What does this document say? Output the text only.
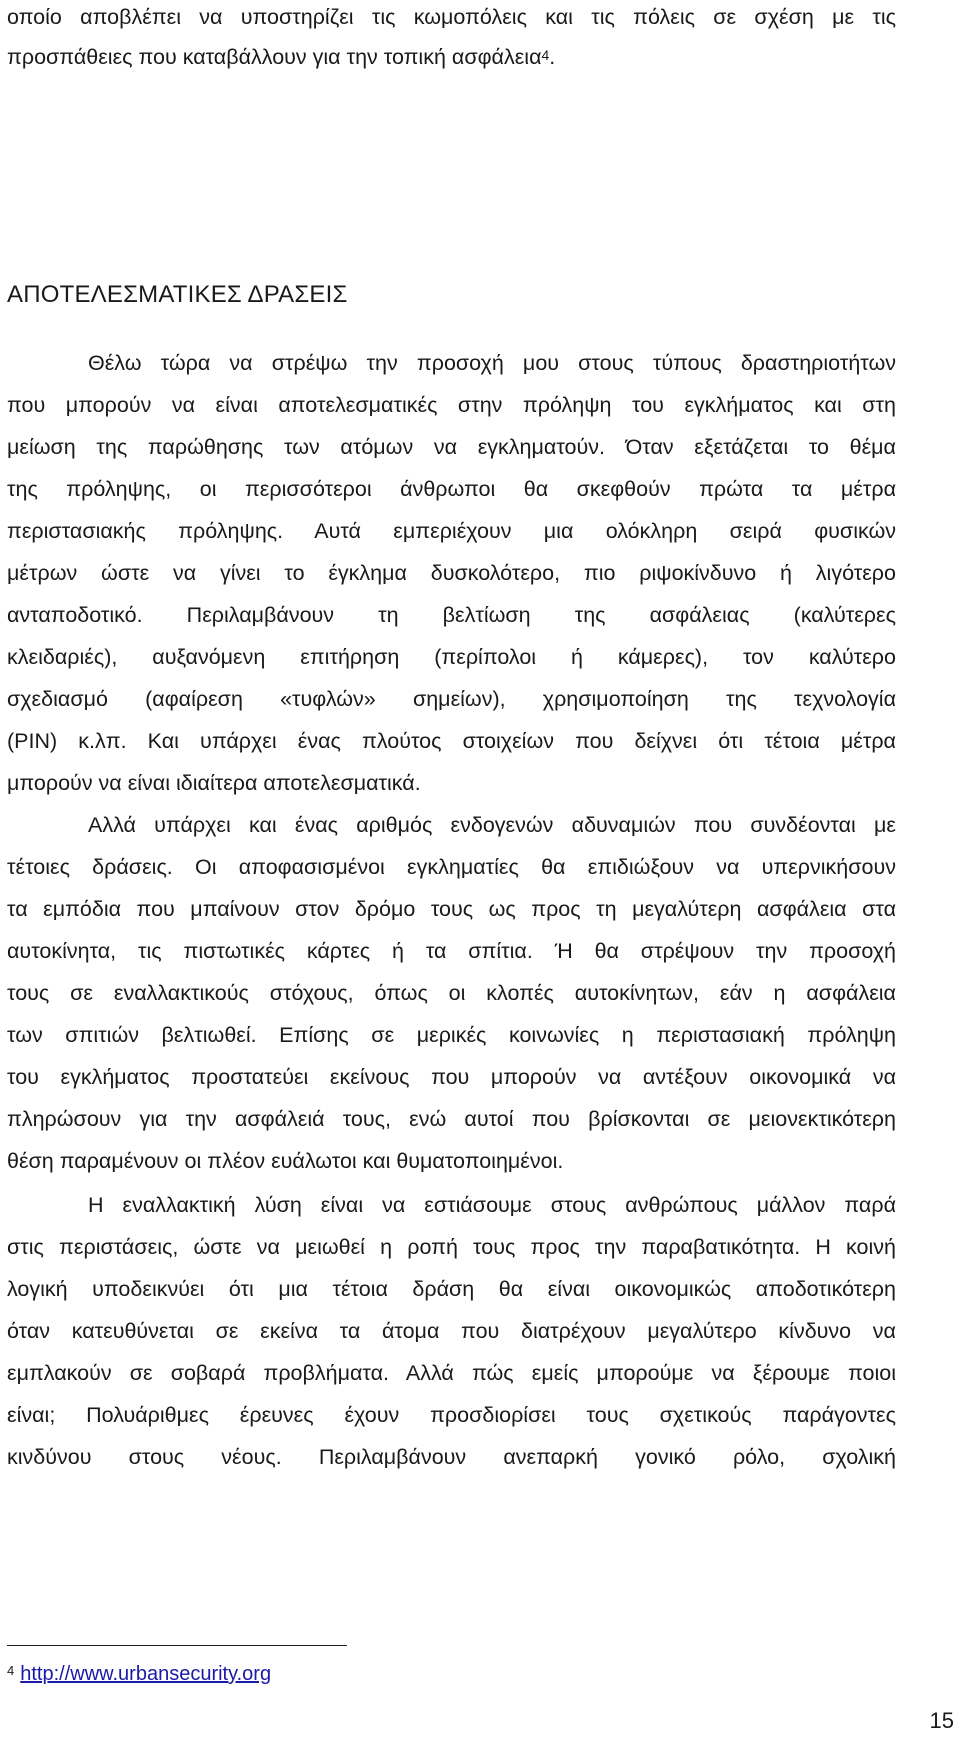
οποίο αποβλέπει να υποστηρίζει τις κωμοπόλεις και τις πόλεις σε σχέση με τις
προσπάθειες που καταβάλλουν για την τοπική ασφάλεια$^4$.
ΑΠΟΤΕΛΕΣΜΑΤΙΚΕΣ ΔΡΑΣΕΙΣ
Θέλω τώρα να στρέψω την προσοχή μου στους τύπους δραστηριοτήτων
που μπορούν να είναι αποτελεσματικές στην πρόληψη του εγκλήματος και στη
μείωση της παρώθησης των ατόμων να εγκληματούν. Όταν εξετάζεται το θέμα
της πρόληψης, οι περισσότεροι άνθρωποι θα σκεφθούν πρώτα τα μέτρα
περιστασιακής πρόληψης. Αυτά εμπεριέχουν μια ολόκληρη σειρά φυσικών
μέτρων ώστε να γίνει το έγκλημα δυσκολότερο, πιο ριψοκίνδυνο ή λιγότερο
ανταποδοτικό. Περιλαμβάνουν τη βελτίωση της ασφάλειας (καλύτερες
κλειδαριές), αυξανόμενη επιτήρηση (περίπολοι ή κάμερες), τον καλύτερο
σχεδιασμό (αφαίρεση «τυφλών» σημείων), χρησιμοποίηση της τεχνολογία
(PIN) κ.λπ. Και υπάρχει ένας πλούτος στοιχείων που δείχνει ότι τέτοια μέτρα
μπορούν να είναι ιδιαίτερα αποτελεσματικά.
Αλλά υπάρχει και ένας αριθμός ενδογενών αδυναμιών που συνδέονται με
τέτοιες δράσεις. Οι αποφασισμένοι εγκληματίες θα επιδιώξουν να υπερνικήσουν
τα εμπόδια που μπαίνουν στον δρόμο τους ως προς τη μεγαλύτερη ασφάλεια στα
αυτοκίνητα, τις πιστωτικές κάρτες ή τα σπίτια. Ή θα στρέψουν την προσοχή
τους σε εναλλακτικούς στόχους, όπως οι κλοπές αυτοκίνητων, εάν η ασφάλεια
των σπιτιών βελτιωθεί. Επίσης σε μερικές κοινωνίες η περιστασιακή πρόληψη
του εγκλήματος προστατεύει εκείνους που μπορούν να αντέξουν οικονομικά να
πληρώσουν για την ασφάλειά τους, ενώ αυτοί που βρίσκονται σε μειονεκτικότερη
θέση παραμένουν οι πλέον ευάλωτοι και θυματοποιημένοι.
Η εναλλακτική λύση είναι να εστιάσουμε στους ανθρώπους μάλλον παρά
στις περιστάσεις, ώστε να μειωθεί η ροπή τους προς την παραβατικότητα. Η κοινή
λογική υποδεικνύει ότι μια τέτοια δράση θα είναι οικονομικώς αποδοτικότερη
όταν κατευθύνεται σε εκείνα τα άτομα που διατρέχουν μεγαλύτερο κίνδυνο να
εμπλακούν σε σοβαρά προβλήματα. Αλλά πώς εμείς μπορούμε να ξέρουμε ποιοι
είναι; Πολυάριθμες έρευνες έχουν προσδιορίσει τους σχετικούς παράγοντες
κινδύνου στους νέους. Περιλαμβάνουν ανεπαρκή γονικό ρόλο, σχολική
$^4$ http://www.urbansecurity.org
15
